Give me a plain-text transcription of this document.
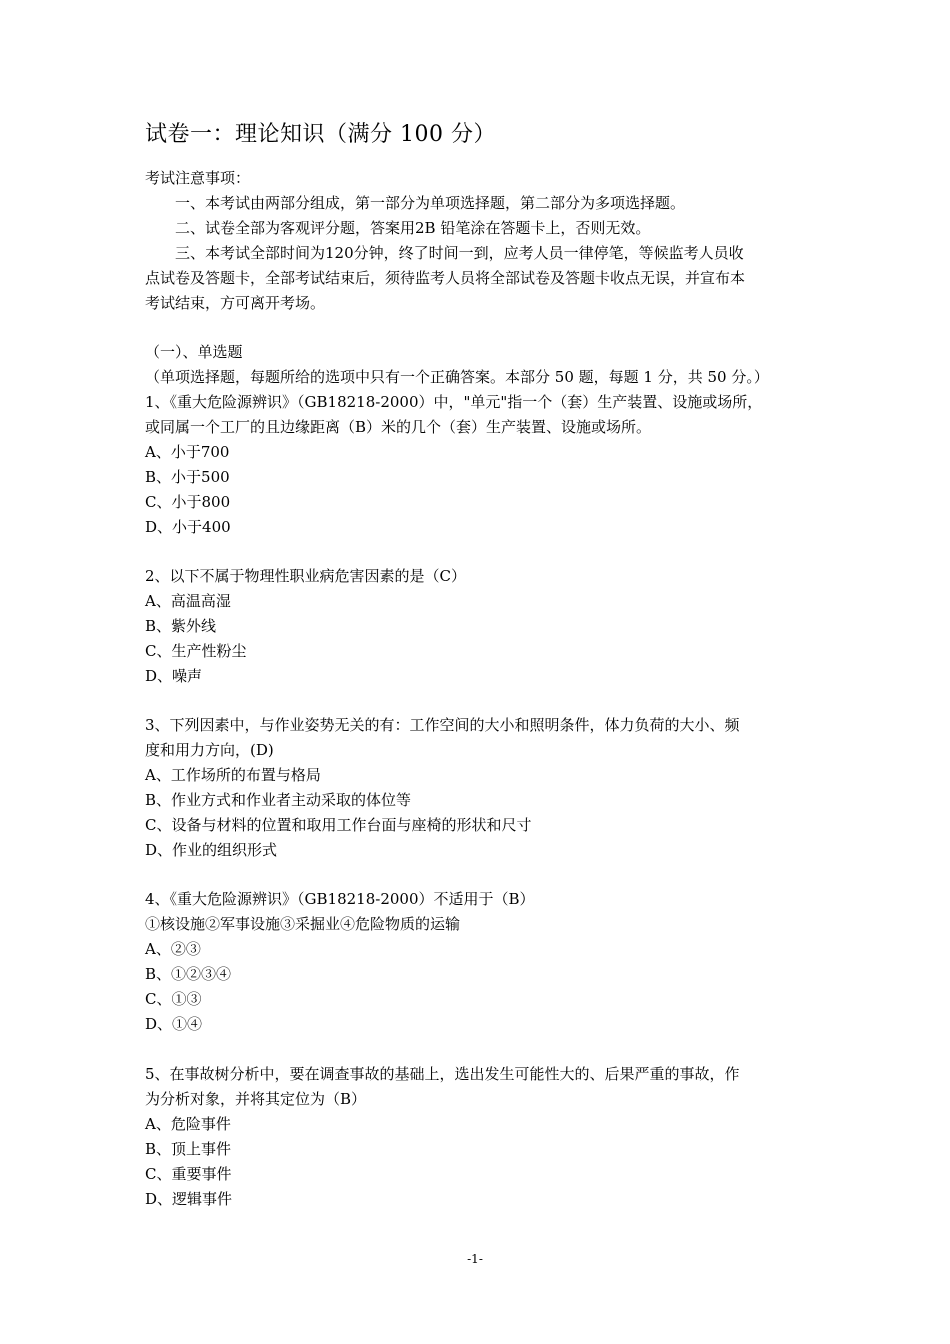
试卷一：理论知识（满分 100 分）
考试注意事项：
一、本考试由两部分组成，第一部分为单项选择题，第二部分为多项选择题。
二、试卷全部为客观评分题，答案用2B 铅笔涂在答题卡上，否则无效。
三、本考试全部时间为120分钟，终了时间一到，应考人员一律停笔，等候监考人员收
点试卷及答题卡，全部考试结束后，须待监考人员将全部试卷及答题卡收点无误，并宣布本
考试结束，方可离开考场。
（一）、单选题
（单项选择题，每题所给的选项中只有一个正确答案。本部分 50 题，每题 1 分，共 50 分。）
1、《重大危险源辨识》（GB18218-2000）中，"单元"指一个（套）生产装置、设施或场所，
或同属一个工厂的且边缘距离（B）米的几个（套）生产装置、设施或场所。
A、小于700
B、小于500
C、小于800
D、小于400
2、以下不属于物理性职业病危害因素的是（C）
A、高温高湿
B、紫外线
C、生产性粉尘
D、噪声
3、下列因素中，与作业姿势无关的有：工作空间的大小和照明条件，体力负荷的大小、频
度和用力方向，(D)
A、工作场所的布置与格局
B、作业方式和作业者主动采取的体位等
C、设备与材料的位置和取用工作台面与座椅的形状和尺寸
D、作业的组织形式
4、《重大危险源辨识》（GB18218-2000）不适用于（B）
①核设施②军事设施③采掘业④危险物质的运输
A、②③
B、①②③④
C、①③
D、①④
5、在事故树分析中，要在调查事故的基础上，选出发生可能性大的、后果严重的事故，作
为分析对象，并将其定位为（B）
A、危险事件
B、顶上事件
C、重要事件
D、逻辑事件
-1-
